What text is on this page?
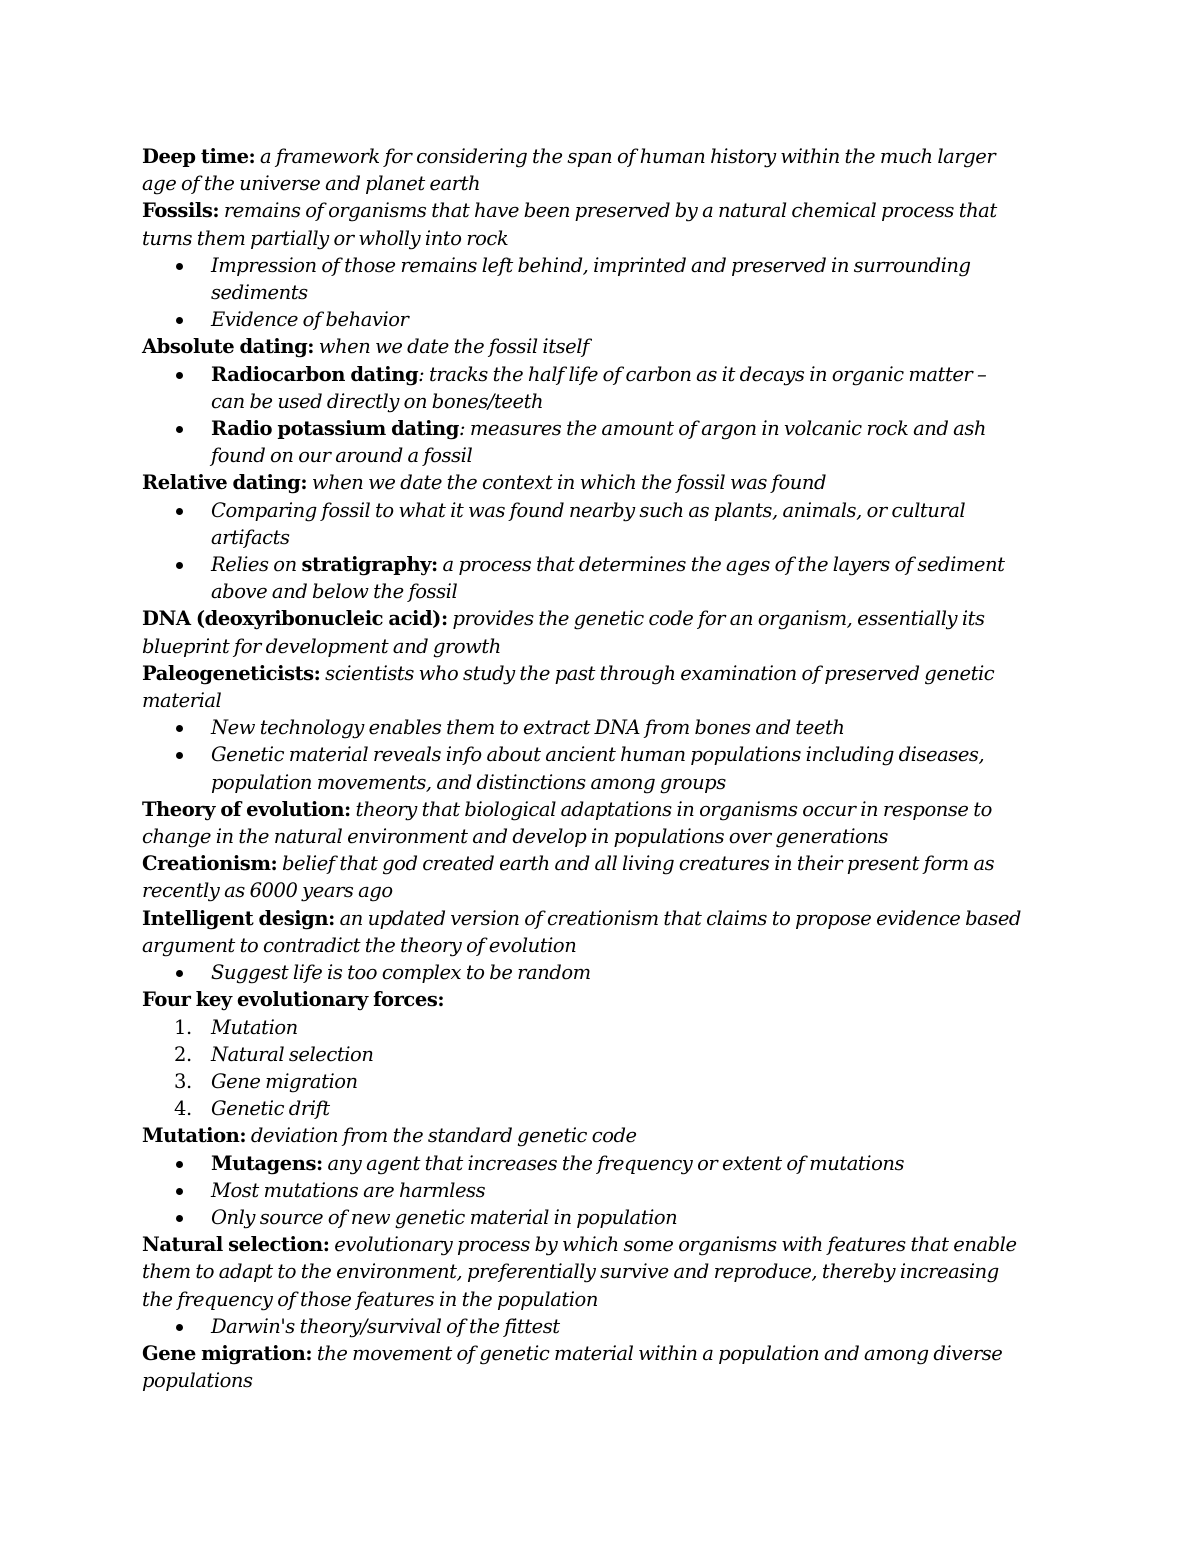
Deep time: a framework for considering the span of human history within the much larger
age of the universe and planet earth
Fossils: remains of organisms that have been preserved by a natural chemical process that
turns them partially or wholly into rock
Impression of those remains left behind, imprinted and preserved in surrounding
sediments
Evidence of behavior
Absolute dating: when we date the fossil itself
Radiocarbon dating: tracks the half life of carbon as it decays in organic matter –
can be used directly on bones/teeth
Radio potassium dating: measures the amount of argon in volcanic rock and ash
found on our around a fossil
Relative dating: when we date the context in which the fossil was found
Comparing fossil to what it was found nearby such as plants, animals, or cultural
artifacts
Relies on stratigraphy: a process that determines the ages of the layers of sediment
above and below the fossil
DNA (deoxyribonucleic acid): provides the genetic code for an organism, essentially its
blueprint for development and growth
Paleogeneticists: scientists who study the past through examination of preserved genetic
material
New technology enables them to extract DNA from bones and teeth
Genetic material reveals info about ancient human populations including diseases,
population movements, and distinctions among groups
Theory of evolution: theory that biological adaptations in organisms occur in response to
change in the natural environment and develop in populations over generations
Creationism: belief that god created earth and all living creatures in their present form as
recently as 6000 years ago
Intelligent design: an updated version of creationism that claims to propose evidence based
argument to contradict the theory of evolution
Suggest life is too complex to be random
Four key evolutionary forces:
1. Mutation
2. Natural selection
3. Gene migration
4. Genetic drift
Mutation: deviation from the standard genetic code
Mutagens: any agent that increases the frequency or extent of mutations
Most mutations are harmless
Only source of new genetic material in population
Natural selection: evolutionary process by which some organisms with features that enable
them to adapt to the environment, preferentially survive and reproduce, thereby increasing
the frequency of those features in the population
Darwin's theory/survival of the fittest
Gene migration: the movement of genetic material within a population and among diverse
populations
